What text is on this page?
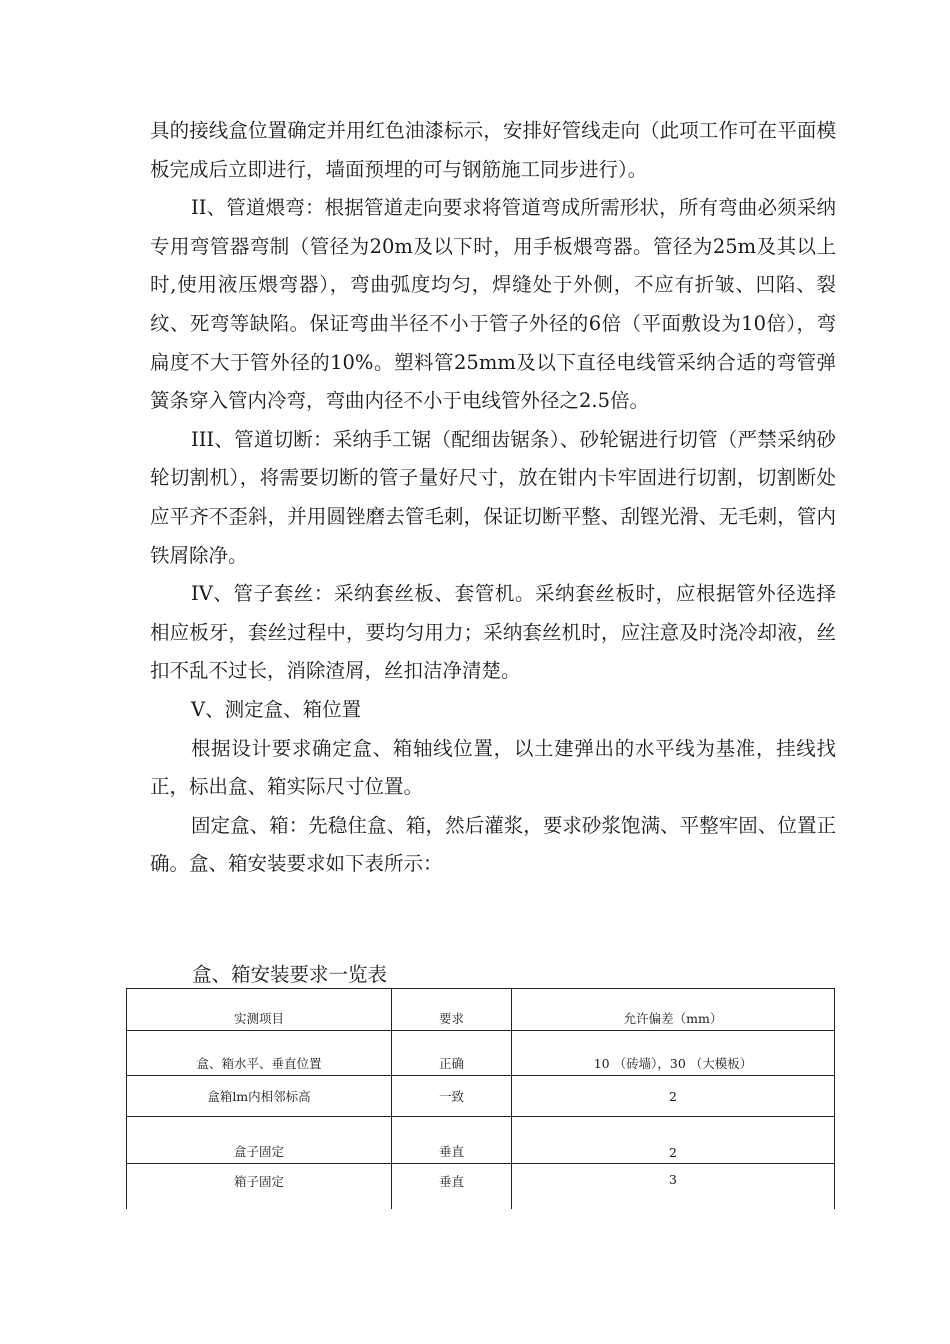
具的接线盒位置确定并用红色油漆标示，安排好管线走向（此项工作可在平面模板完成后立即进行，墙面预埋的可与钢筋施工同步进行）。

II、管道煨弯：根据管道走向要求将管道弯成所需形状，所有弯曲必须采纳专用弯管器弯制（管径为20m及以下时，用手板煨弯器。管径为25m及其以上时,使用液压煨弯器），弯曲弧度均匀，焊缝处于外侧，不应有折皱、凹陷、裂纹、死弯等缺陷。保证弯曲半径不小于管子外径的6倍（平面敷设为10倍），弯扁度不大于管外径的10%。塑料管25mm及以下直径电线管采纳合适的弯管弹簧条穿入管内冷弯，弯曲内径不小于电线管外径之2.5倍。

III、管道切断：采纳手工锯（配细齿锯条）、砂轮锯进行切管（严禁采纳砂轮切割机），将需要切断的管子量好尺寸，放在钳内卡牢固进行切割，切割断处应平齐不歪斜，并用圆锉磨去管毛刺，保证切断平整、刮铿光滑、无毛刺，管内铁屑除净。

IV、管子套丝：采纳套丝板、套管机。采纳套丝板时，应根据管外径选择相应板牙，套丝过程中，要均匀用力；采纳套丝机时，应注意及时浇冷却液，丝扣不乱不过长，消除渣屑，丝扣洁净清楚。

V、测定盒、箱位置

根据设计要求确定盒、箱轴线位置，以土建弹出的水平线为基准，挂线找正，标出盒、箱实际尺寸位置。

固定盒、箱：先稳住盒、箱，然后灌浆，要求砂浆饱满、平整牢固、位置正确。盒、箱安装要求如下表所示：

盒、箱安装要求一览表
实测项目	要求	允许偏差（mm）
盒、箱水平、垂直位置	正确	10 （砖墙），30 （大模板）
盒箱lm内相邻标高	一致	2
盒子固定	垂直	2
箱子固定	垂直	3
